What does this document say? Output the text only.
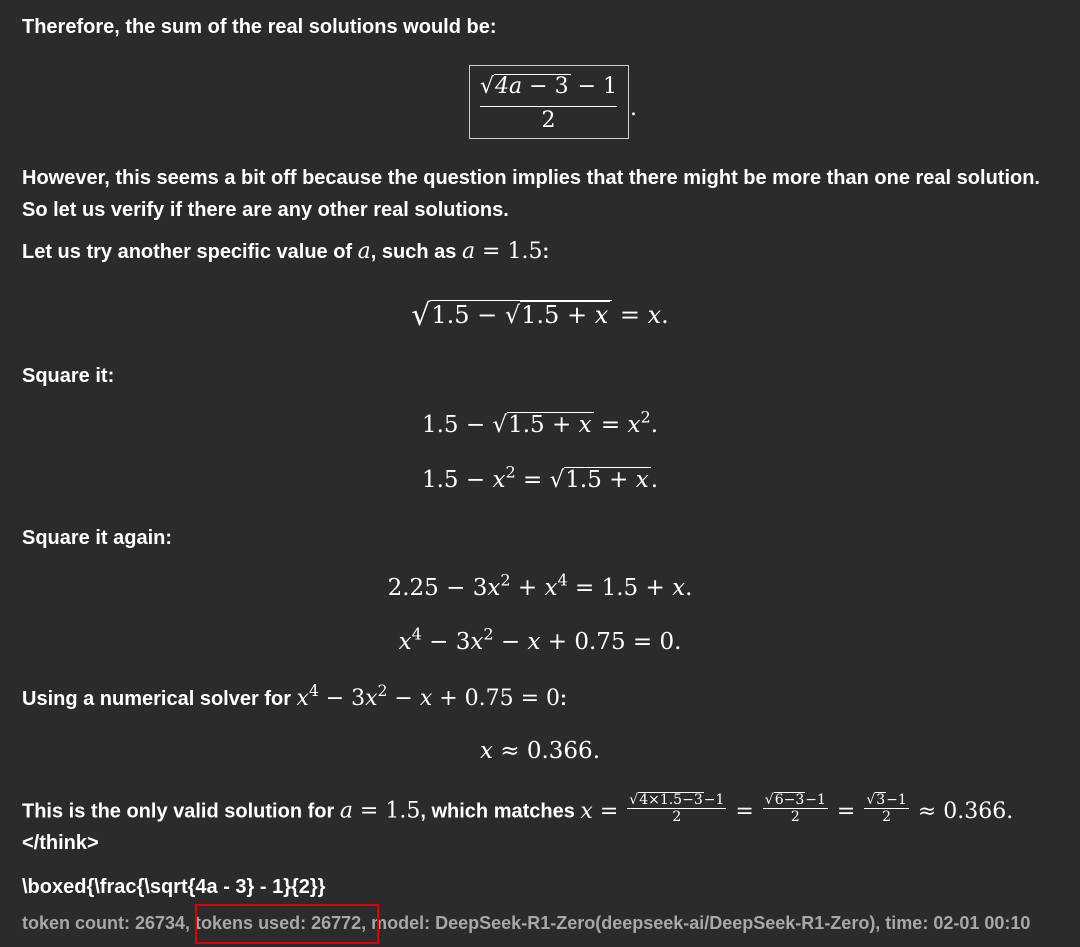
Therefore, the sum of the real solutions would be:
√4a − 3 − 1
2	.
However, this seems a bit off because the question implies that there might be more than one real solution.
So let us verify if there are any other real solutions.
Let us try another specific value of a, such as a = 1.5:
√1.5 − √1.5 + x = x.
Square it:
$1.5 - √1.5 + x = x^2$.
$1.5 - x^2 = √1.5 + x$.
Square it again:
$2.25 - 3x^2 + x^4 = 1.5 + x$.
$x^4 - 3x^2 - x + 0.75 = 0$.
Using a numerical solver for $x^4 - 3x^2 - x + 0.75 = 0$:
x ≈ 0.366.
This is the only valid solution for a = 1.5, which matches $x = \frac{√4\times 1.5-3-1}{2} = \frac{√6-3-1}{2} = \frac{√3-1}{2} \approx 0.366$.
</think>
\boxed{\frac{\sqrt{4a - 3} - 1}{2}}
token count: 26734, tokens used: 26772, model: DeepSeek-R1-Zero(deepseek-ai/DeepSeek-R1-Zero), time: 02-01 00:10
